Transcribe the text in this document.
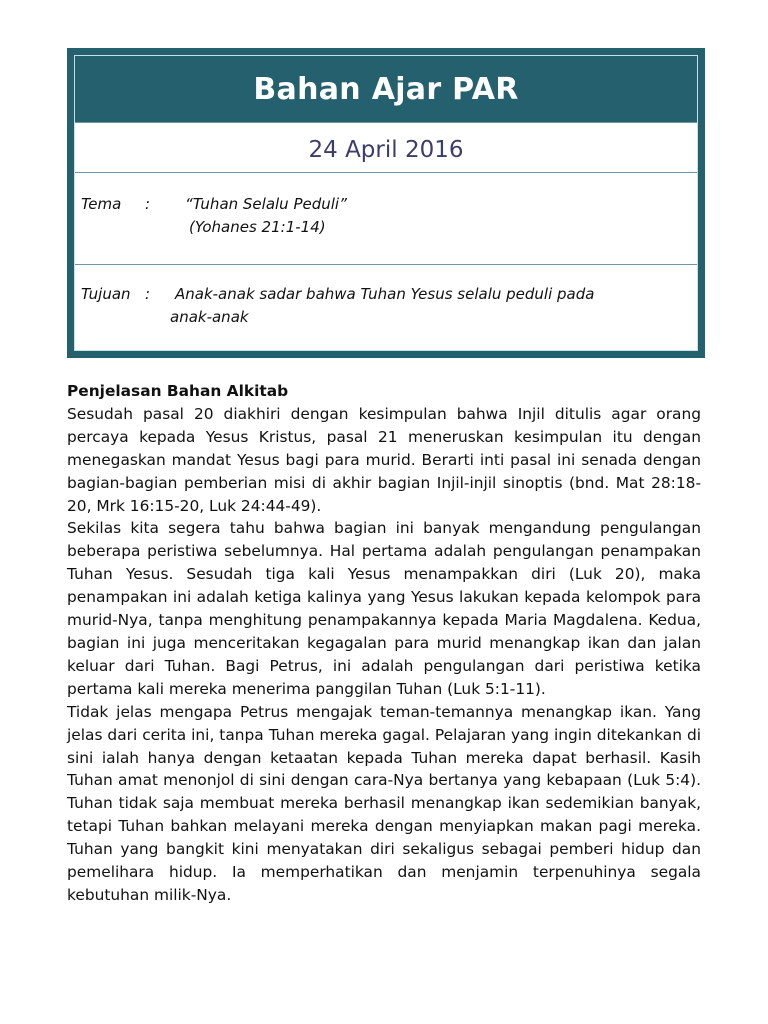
Bahan Ajar PAR
24 April 2016
Tema : “Tuhan Selalu Peduli”
(Yohanes 21:1-14)
Tujuan : Anak-anak sadar bahwa Tuhan Yesus selalu peduli pada
anak-anak
Penjelasan Bahan Alkitab

Sesudah pasal 20 diakhiri dengan kesimpulan bahwa Injil ditulis agar orang percaya kepada Yesus Kristus, pasal 21 meneruskan kesimpulan itu dengan menegaskan mandat Yesus bagi para murid. Berarti inti pasal ini senada dengan bagian-bagian pemberian misi di akhir bagian Injil-injil sinoptis (bnd. Mat 28:18-20, Mrk 16:15-20, Luk 24:44-49).

Sekilas kita segera tahu bahwa bagian ini banyak mengandung pengulangan beberapa peristiwa sebelumnya. Hal pertama adalah pengulangan penampakan Tuhan Yesus. Sesudah tiga kali Yesus menampakkan diri (Luk 20), maka penampakan ini adalah ketiga kalinya yang Yesus lakukan kepada kelompok para murid-Nya, tanpa menghitung penampakannya kepada Maria Magdalena. Kedua, bagian ini juga menceritakan kegagalan para murid menangkap ikan dan jalan keluar dari Tuhan. Bagi Petrus, ini adalah pengulangan dari peristiwa ketika pertama kali mereka menerima panggilan Tuhan (Luk 5:1-11).

Tidak jelas mengapa Petrus mengajak teman-temannya menangkap ikan. Yang jelas dari cerita ini, tanpa Tuhan mereka gagal. Pelajaran yang ingin ditekankan di sini ialah hanya dengan ketaatan kepada Tuhan mereka dapat berhasil. Kasih Tuhan amat menonjol di sini dengan cara-Nya bertanya yang kebapaan (Luk 5:4). Tuhan tidak saja membuat mereka berhasil menangkap ikan sedemikian banyak, tetapi Tuhan bahkan melayani mereka dengan menyiapkan makan pagi mereka. Tuhan yang bangkit kini menyatakan diri sekaligus sebagai pemberi hidup dan pemelihara hidup. Ia memperhatikan dan menjamin terpenuhinya segala kebutuhan milik-Nya.
